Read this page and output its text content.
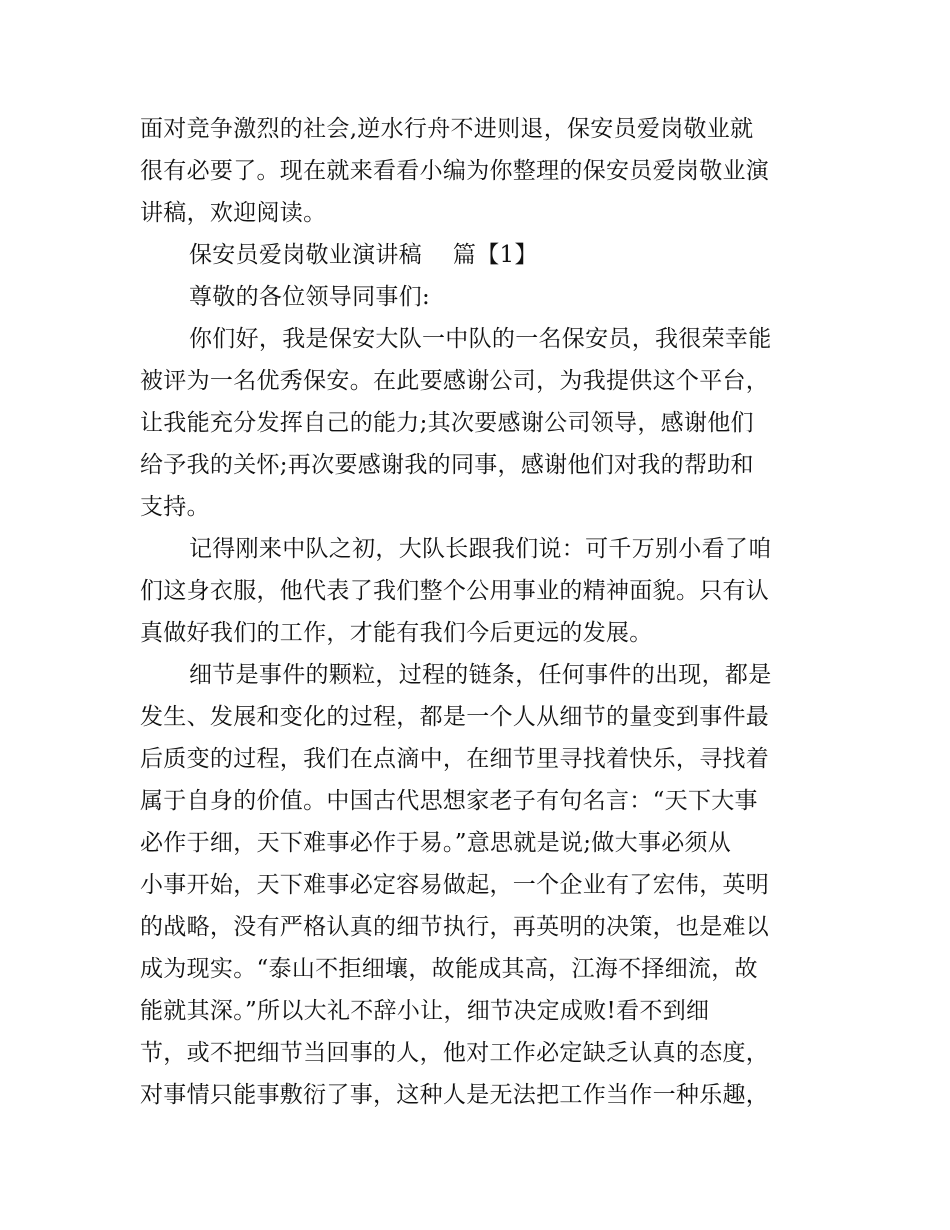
面对竞争激烈的社会,逆水行舟不进则退，保安员爱岗敬业就
很有必要了。现在就来看看小编为你整理的保安员爱岗敬业演
讲稿，欢迎阅读。
保安员爱岗敬业演讲稿　 篇【1】
尊敬的各位领导同事们:
你们好，我是保安大队一中队的一名保安员，我很荣幸能
被评为一名优秀保安。在此要感谢公司，为我提供这个平台，
让我能充分发挥自己的能力;其次要感谢公司领导，感谢他们
给予我的关怀;再次要感谢我的同事，感谢他们对我的帮助和
支持。
记得刚来中队之初，大队长跟我们说：可千万别小看了咱
们这身衣服，他代表了我们整个公用事业的精神面貌。只有认
真做好我们的工作，才能有我们今后更远的发展。
细节是事件的颗粒，过程的链条，任何事件的出现，都是
发生、发展和变化的过程，都是一个人从细节的量变到事件最
后质变的过程，我们在点滴中，在细节里寻找着快乐，寻找着
属于自身的价值。中国古代思想家老子有句名言：“天下大事
必作于细，天下难事必作于易。”意思就是说;做大事必须从
小事开始，天下难事必定容易做起，一个企业有了宏伟，英明
的战略，没有严格认真的细节执行，再英明的决策，也是难以
成为现实。“泰山不拒细壤，故能成其高，江海不择细流，故
能就其深。”所以大礼不辞小让，细节决定成败!看不到细
节，或不把细节当回事的人，他对工作必定缺乏认真的态度，
对事情只能事敷衍了事，这种人是无法把工作当作一种乐趣，
